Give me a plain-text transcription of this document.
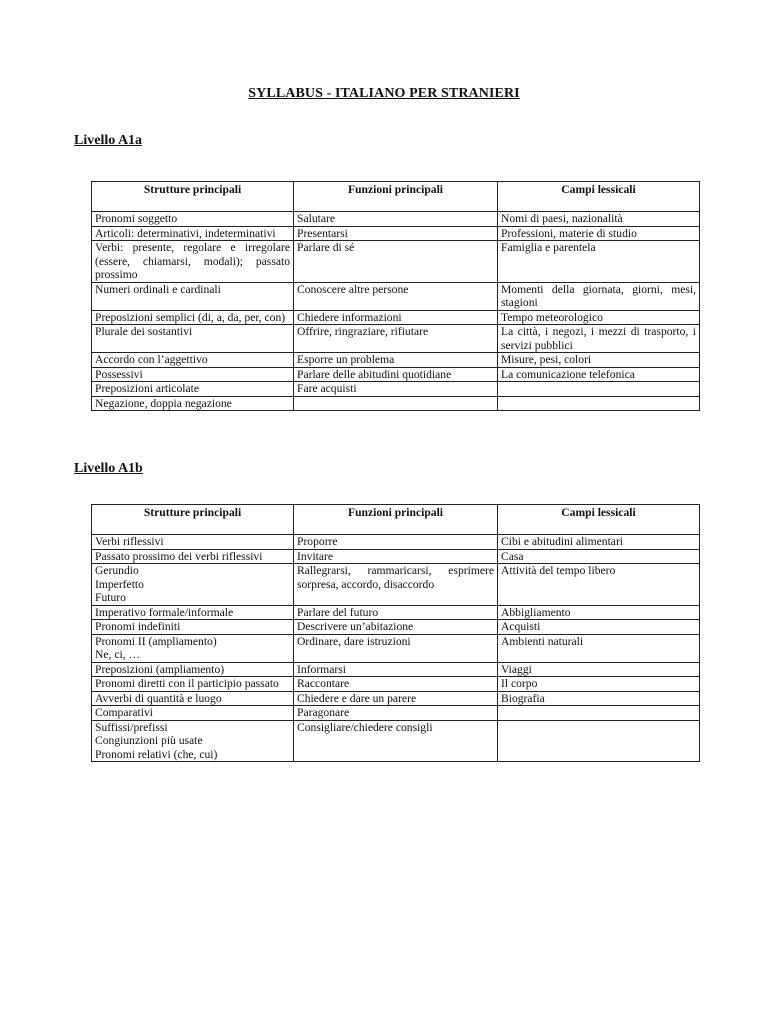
SYLLABUS - ITALIANO PER STRANIERI
Livello A1a
Strutture principali	Funzioni principali	Campi lessicali

Pronomi soggetto	Salutare	Nomi di paesi, nazionalità

Articoli: determinativi, indeterminativi	Presentarsi	Professioni, materie di studio

Verbi: presente, regolare e irregolare (essere, chiamarsi, modali); passato prossimo	Parlare di sé	Famiglia e parentela

Numeri ordinali e cardinali	Conoscere altre persone	Momenti della giornata, giorni, mesi, stagioni

Preposizioni semplici (di, a, da, per, con)	Chiedere informazioni	Tempo meteorologico

Plurale dei sostantivi	Offrire, ringraziare, rifiutare	La città, i negozi, i mezzi di trasporto, i servizi pubblici

Accordo con l’aggettivo	Esporre un problema	Misure, pesi, colori

Possessivi	Parlare delle abitudini quotidiane	La comunicazione telefonica

Preposizioni articolate	Fare acquisti	

Negazione, doppia negazione		

Livello A1b
Strutture principali	Funzioni principali	Campi lessicali

Verbi riflessivi	Proporre	Cibi e abitudini alimentari

Passato prossimo dei verbi riflessivi	Invitare	Casa

Gerundio
Imperfetto
Futuro	Rallegrarsi, rammaricarsi, esprimere sorpresa, accordo, disaccordo	Attività del tempo libero

Imperativo formale/informale	Parlare del futuro	Abbigliamento

Pronomi indefiniti	Descrivere un’abitazione	Acquisti

Pronomi II (ampliamento)
Ne, ci, …	Ordinare, dare istruzioni	Ambienti naturali

Preposizioni (ampliamento)	Informarsi	Viaggi

Pronomi diretti con il participio passato	Raccontare	Il corpo

Avverbi di quantità e luogo	Chiedere e dare un parere	Biografia

Comparativi	Paragonare	

Suffissi/prefissi
Congiunzioni più usate
Pronomi relativi (che, cui)	Consigliare/chiedere consigli	
